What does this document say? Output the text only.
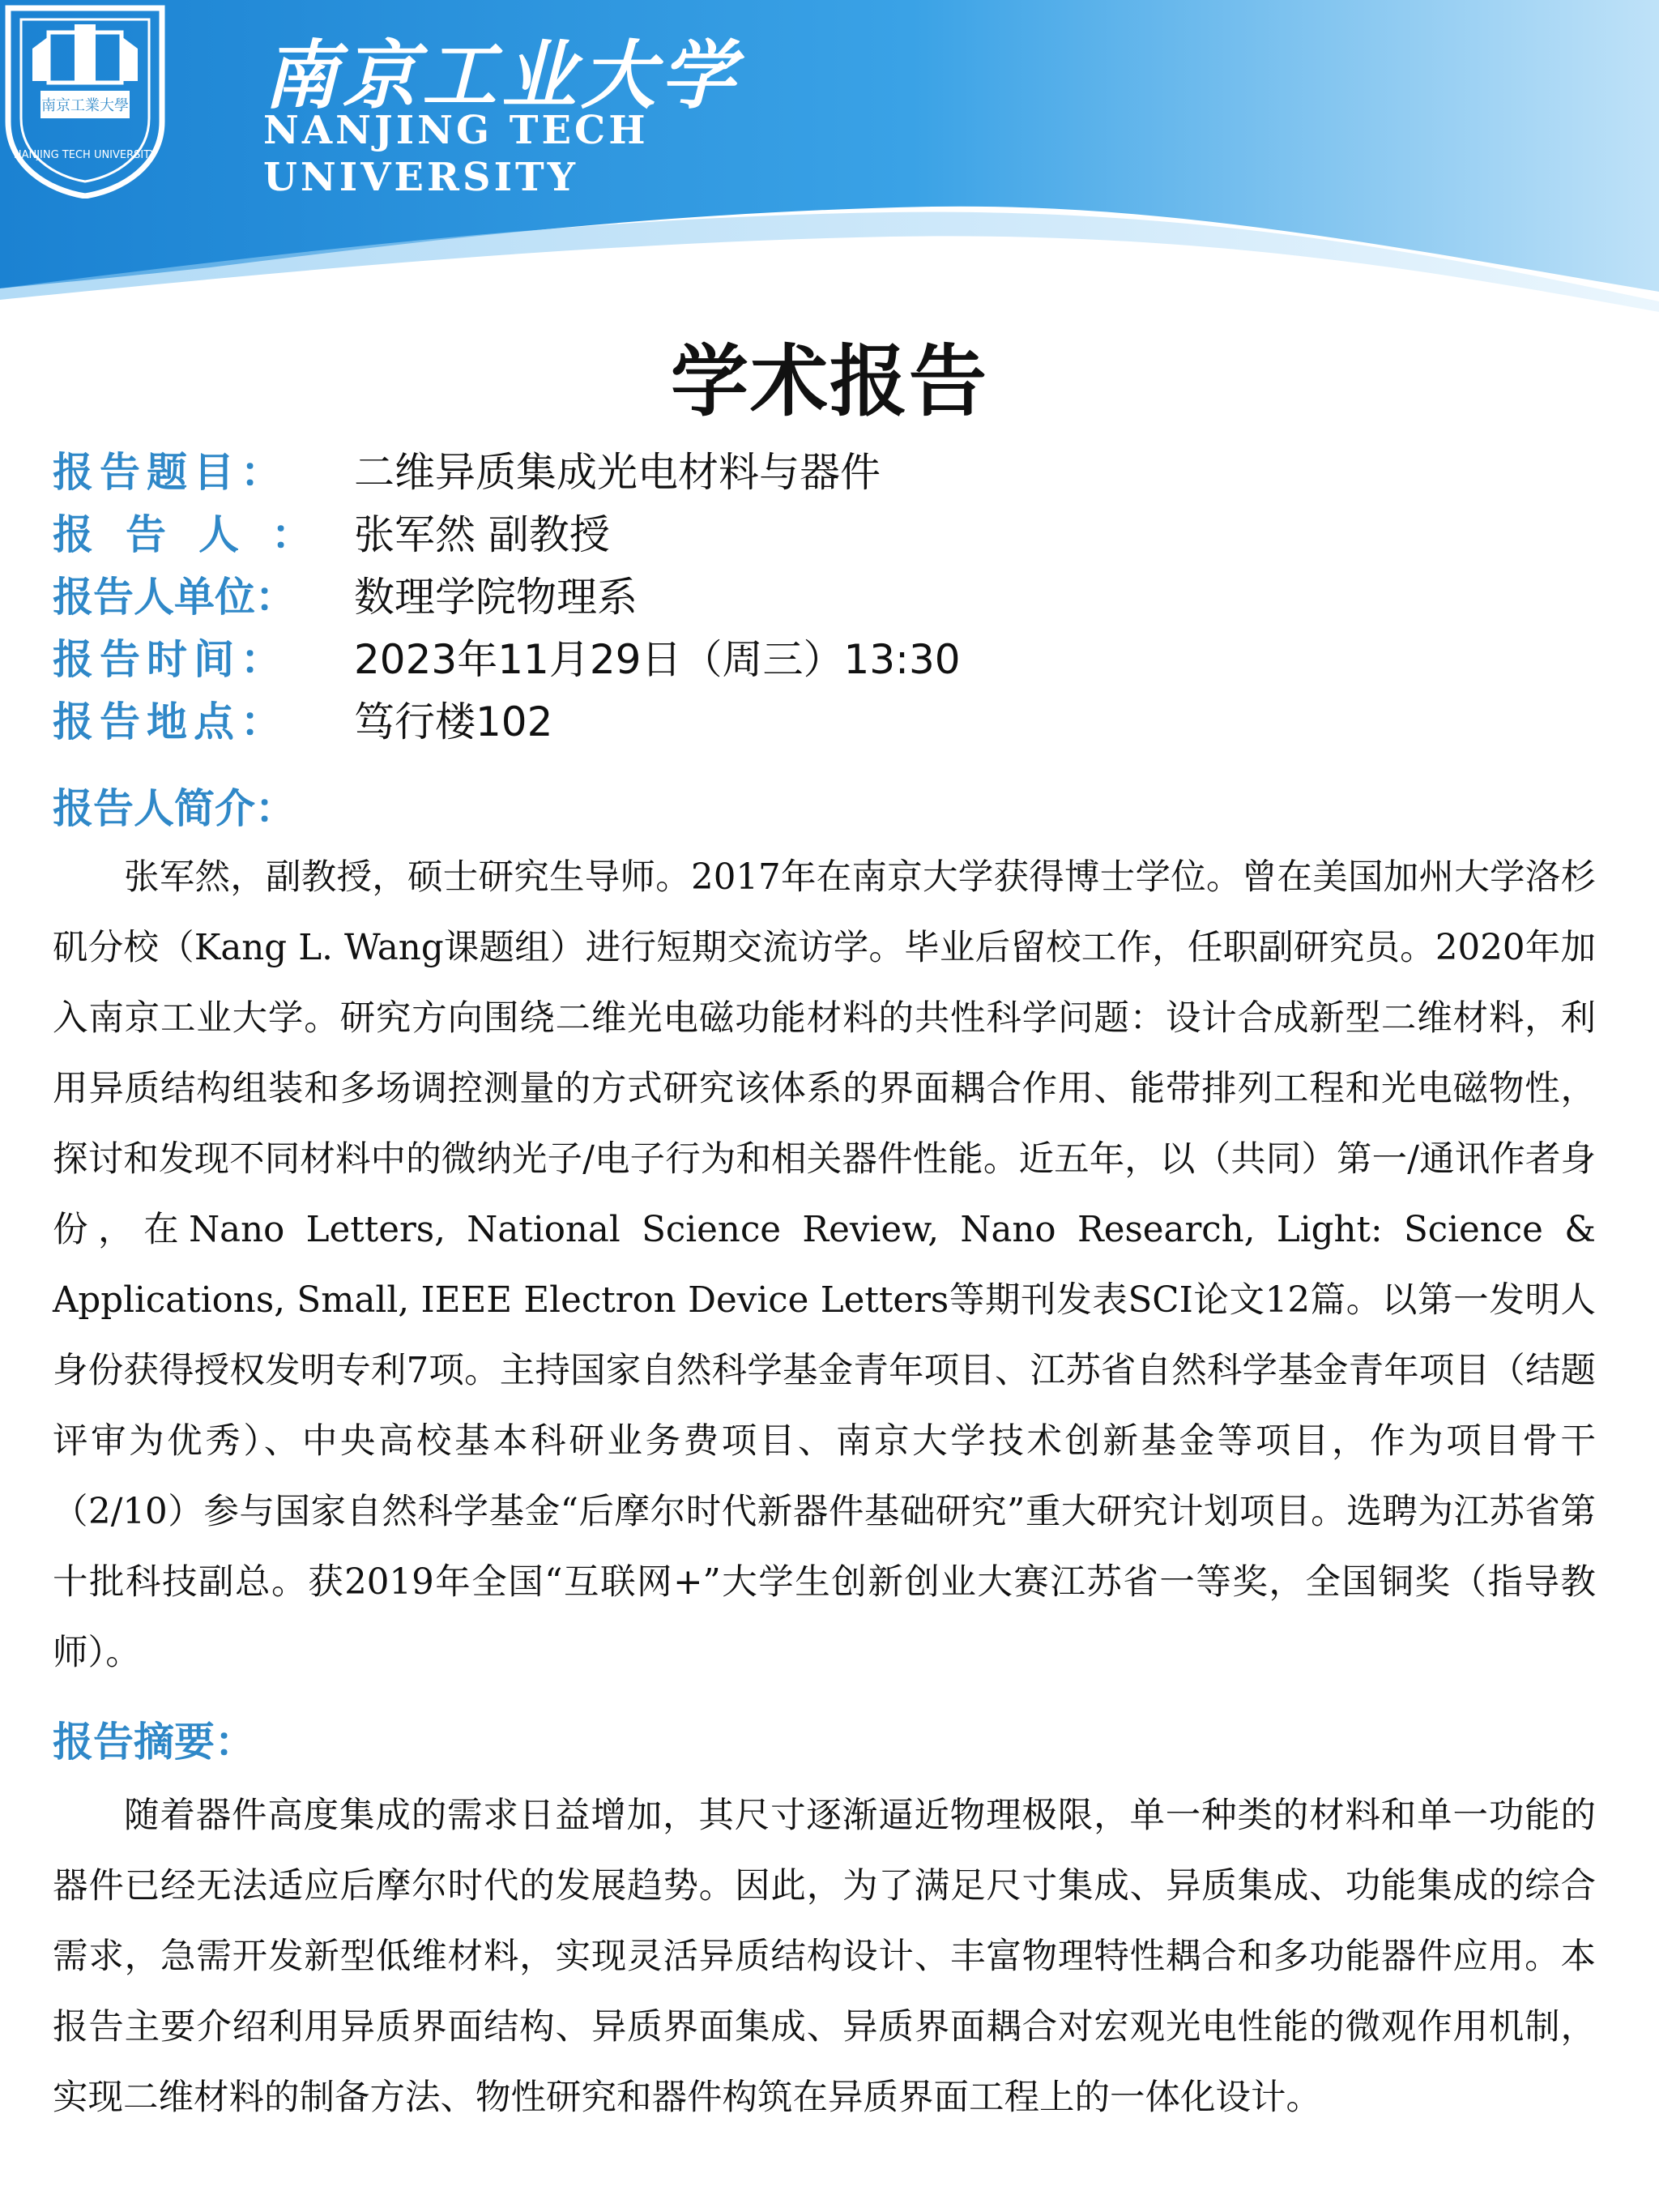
南京工業大學
NANJING TECH UNIVERSITY
南京工业大学
NANJING TECH
UNIVERSITY
学术报告
报告题目：	二维异质集成光电材料与器件
报告人： 张军然 副教授
报告人单位：	数理学院物理系
报告时间：	2023年11月29日（周三）13:30
报告地点：	笃行楼102
报告人简介：
张军然，副教授，硕士研究生导师。2017年在南京大学获得博士学位。曾在美国加州大学洛杉矶分校（Kang L. Wang课题组）进行短期交流访学。毕业后留校工作，任职副研究员。2020年加入南京工业大学。研究方向围绕二维光电磁功能材料的共性科学问题：设计合成新型二维材料，利用异质结构组装和多场调控测量的方式研究该体系的界面耦合作用、能带排列工程和光电磁物性，探讨和发现不同材料中的微纳光子/电子行为和相关器件性能。近五年，以（共同）第一/通讯作者身份，在Nano Letters, National Science Review, Nano Research, Light: Science & Applications, Small, IEEE Electron Device Letters等期刊发表SCI论文12篇。以第一发明人身份获得授权发明专利7项。主持国家自然科学基金青年项目、江苏省自然科学基金青年项目（结题评审为优秀）、中央高校基本科研业务费项目、南京大学技术创新基金等项目，作为项目骨干（2/10）参与国家自然科学基金“后摩尔时代新器件基础研究”重大研究计划项目。选聘为江苏省第十批科技副总。获2019年全国“互联网+”大学生创新创业大赛江苏省一等奖，全国铜奖（指导教师）。
报告摘要：
随着器件高度集成的需求日益增加，其尺寸逐渐逼近物理极限，单一种类的材料和单一功能的器件已经无法适应后摩尔时代的发展趋势。因此，为了满足尺寸集成、异质集成、功能集成的综合需求，急需开发新型低维材料，实现灵活异质结构设计、丰富物理特性耦合和多功能器件应用。本报告主要介绍利用异质界面结构、异质界面集成、异质界面耦合对宏观光电性能的微观作用机制，实现二维材料的制备方法、物性研究和器件构筑在异质界面工程上的一体化设计。
